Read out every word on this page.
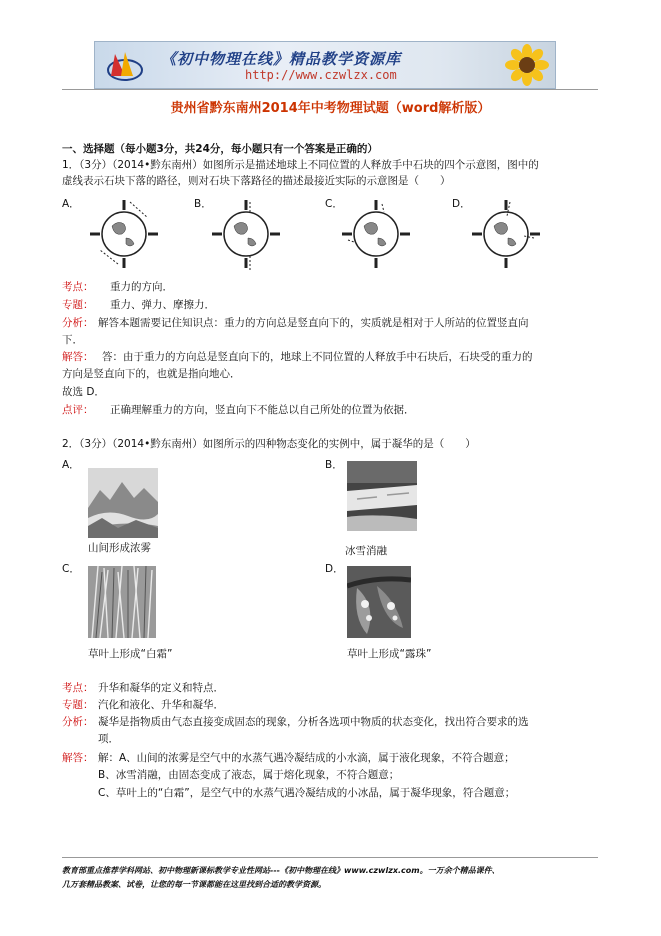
《初中物理在线》精品教学资源库
http://www.czwlzx.com
贵州省黔东南州2014年中考物理试题（word解析版）
一、选择题（每小题3分，共24分，每小题只有一个答案是正确的）
1．（3分）（2014•黔东南州）如图所示是描述地球上不同位置的人释放手中石块的四个示意图，图中的
虚线表示石块下落的路径，则对石块下落路径的描述最接近实际的示意图是（　　）
A．	B．	C．	D．
考点： 重力的方向．
专题： 重力、弹力、摩擦力．
分析： 解答本题需要记住知识点：重力的方向总是竖直向下的，实质就是相对于人所站的位置竖直向
下．
解答： 答：由于重力的方向总是竖直向下的，地球上不同位置的人释放手中石块后，石块受的重力的
方向是竖直向下的，也就是指向地心．
故选 D．
点评： 正确理解重力的方向，竖直向下不能总以自己所处的位置为依据．
2．（3分）（2014•黔东南州）如图所示的四种物态变化的实例中，属于凝华的是（　　）
A．	B．
山间形成浓雾	冰雪消融
C．	D．
草叶上形成“白霜”	草叶上形成“露珠”
考点： 升华和凝华的定义和特点．
专题： 汽化和液化、升华和凝华．
分析： 凝华是指物质由气态直接变成固态的现象，分析各选项中物质的状态变化，找出符合要求的选
项．
解答： 解：A、山间的浓雾是空气中的水蒸气遇冷凝结成的小水滴，属于液化现象，不符合题意；
B、冰雪消融，由固态变成了液态，属于熔化现象，不符合题意；
C、草叶上的“白霜”，是空气中的水蒸气遇冷凝结成的小冰晶，属于凝华现象，符合题意；
教育部重点推荐学科网站、初中物理新课标教学专业性网站---《初中物理在线》www.czwlzx.com。一万余个精品课件、
几万套精品教案、试卷，让您的每一节课都能在这里找到合适的教学资源。
